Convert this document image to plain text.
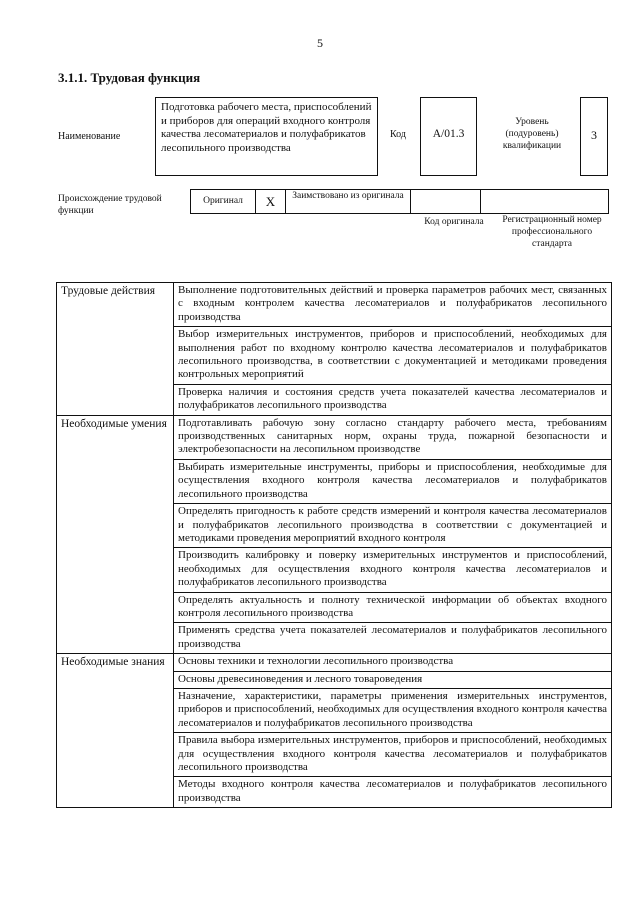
5
3.1.1. Трудовая функция
Наименование
Подготовка рабочего места, приспособлений и приборов для операций входного контроля качества лесоматериалов и полуфабрикатов лесопильного производства
Код	A/01.3
Уровень (подуровень) квалификации
3
Происхождение трудовой функции
Оригинал	X	Заимствовано из оригинала
Код оригинала	Регистрационный номер профессионального стандарта
Трудовые действия	Выполнение подготовительных действий и проверка параметров рабочих мест, связанных с входным контролем качества лесоматериалов и полуфабрикатов лесопильного производства
	Выбор измерительных инструментов, приборов и приспособлений, необходимых для выполнения работ по входному контролю качества лесоматериалов и полуфабрикатов лесопильного производства, в соответствии с документацией и методиками проведения контрольных мероприятий
	Проверка наличия и состояния средств учета показателей качества лесоматериалов и полуфабрикатов лесопильного производства
Необходимые умения	Подготавливать рабочую зону согласно стандарту рабочего места, требованиям производственных санитарных норм, охраны труда, пожарной безопасности и электробезопасности на лесопильном производстве
	Выбирать измерительные инструменты, приборы и приспособления, необходимые для осуществления входного контроля качества лесоматериалов и полуфабрикатов лесопильного производства
	Определять пригодность к работе средств измерений и контроля качества лесоматериалов и полуфабрикатов лесопильного производства в соответствии с документацией и методиками проведения мероприятий входного контроля
	Производить калибровку и поверку измерительных инструментов и приспособлений, необходимых для осуществления входного контроля качества лесоматериалов и полуфабрикатов лесопильного производства
	Определять актуальность и полноту технической информации об объектах входного контроля лесопильного производства
	Применять средства учета показателей лесоматериалов и полуфабрикатов лесопильного производства
Необходимые знания	Основы техники и технологии лесопильного производства
	Основы древесиноведения и лесного товароведения
	Назначение, характеристики, параметры применения измерительных инструментов, приборов и приспособлений, необходимых для осуществления входного контроля качества лесоматериалов и полуфабрикатов лесопильного производства
	Правила выбора измерительных инструментов, приборов и приспособлений, необходимых для осуществления входного контроля качества лесоматериалов и полуфабрикатов лесопильного производства
	Методы входного контроля качества лесоматериалов и полуфабрикатов лесопильного производства
